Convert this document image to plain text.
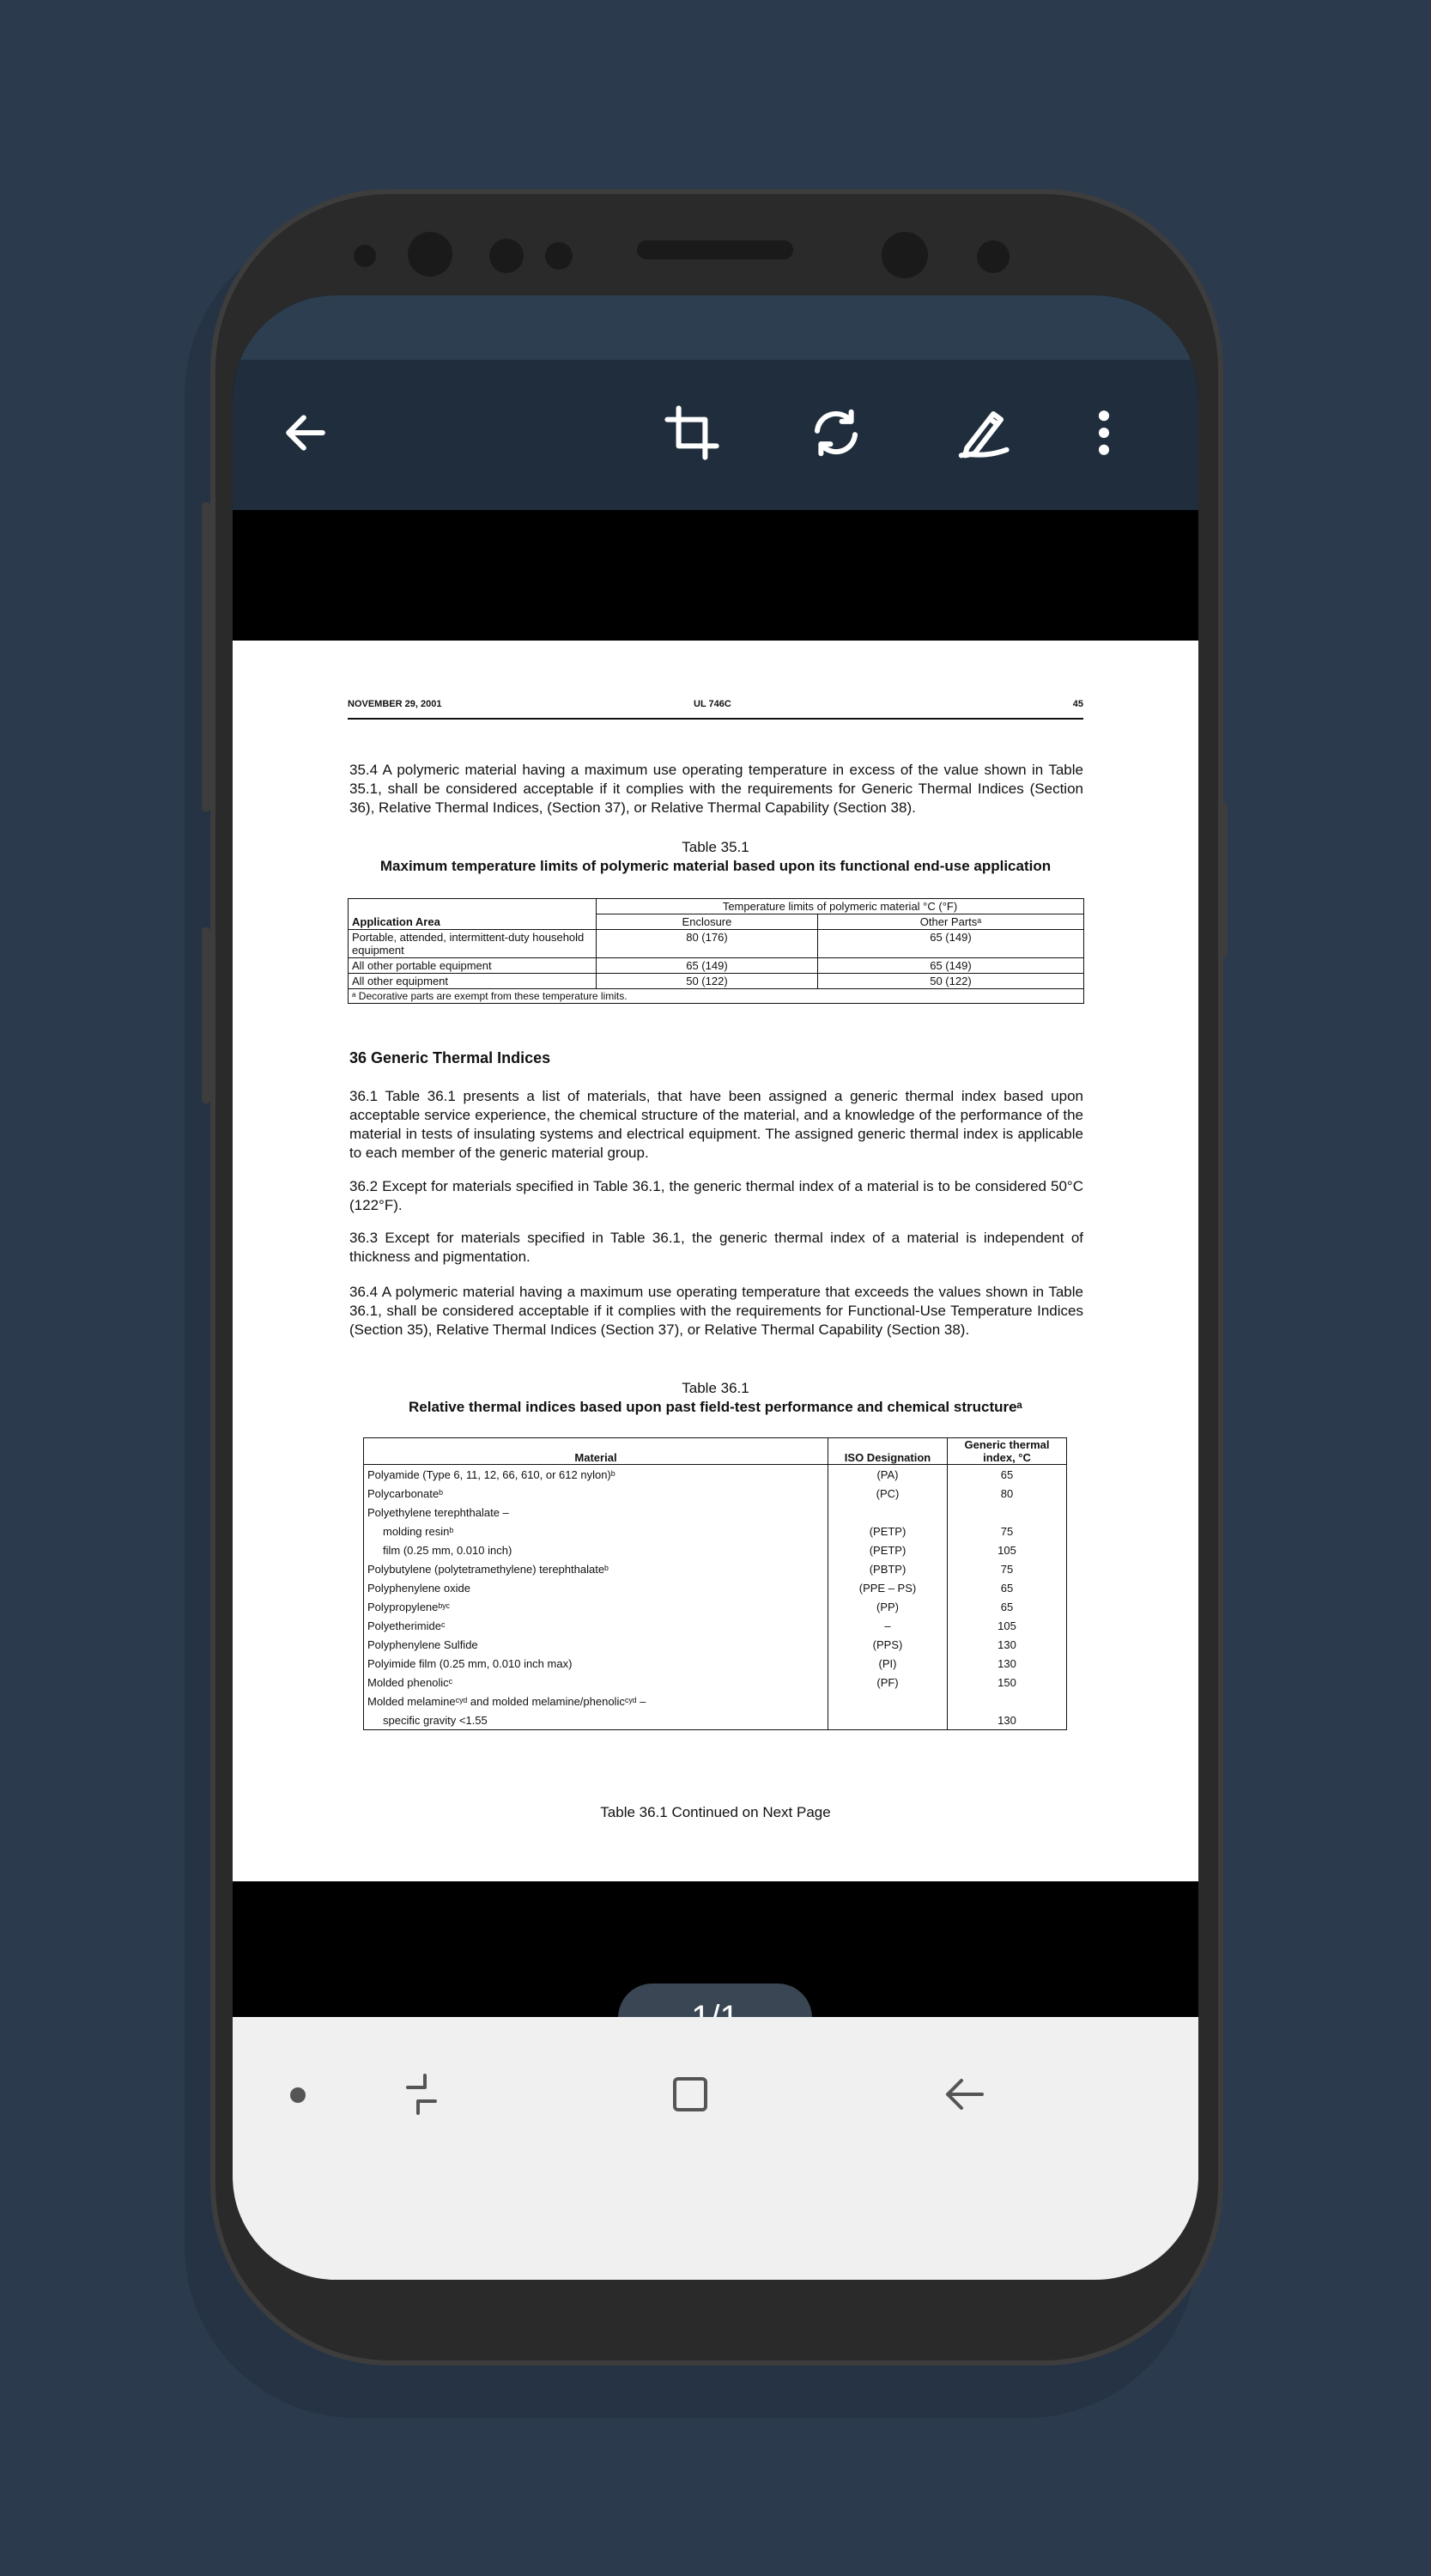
NOVEMBER 29, 2001	UL 746C	45
35.4 A polymeric material having a maximum use operating temperature in excess of the value shown in Table 35.1, shall be considered acceptable if it complies with the requirements for Generic Thermal Indices (Section 36), Relative Thermal Indices, (Section 37), or Relative Thermal Capability (Section 38).
Table 35.1
Maximum temperature limits of polymeric material based upon its functional end-use application
Application Area	Temperature limits of polymeric material °C (°F)	
	Enclosure	Other Partsᵃ
Portable, attended, intermittent-duty household equipment	80 (176)	65 (149)
All other portable equipment	65 (149)	65 (149)
All other equipment	50 (122)	50 (122)
ᵃ Decorative parts are exempt from these temperature limits.		
36 Generic Thermal Indices
36.1 Table 36.1 presents a list of materials, that have been assigned a generic thermal index based upon acceptable service experience, the chemical structure of the material, and a knowledge of the performance of the material in tests of insulating systems and electrical equipment. The assigned generic thermal index is applicable to each member of the generic material group.
36.2 Except for materials specified in Table 36.1, the generic thermal index of a material is to be considered 50°C (122°F).
36.3 Except for materials specified in Table 36.1, the generic thermal index of a material is independent of thickness and pigmentation.
36.4 A polymeric material having a maximum use operating temperature that exceeds the values shown in Table 36.1, shall be considered acceptable if it complies with the requirements for Functional-Use Temperature Indices (Section 35), Relative Thermal Indices (Section 37), or Relative Thermal Capability (Section 38).
Table 36.1
Relative thermal indices based upon past field-test performance and chemical structureᵃ
Material	ISO Designation	Generic thermal index, °C
Polyamide (Type 6, 11, 12, 66, 610, or 612 nylon)ᵇ	(PA)	65
Polycarbonateᵇ	(PC)	80
Polyethylene terephthalate –		
molding resinᵇ	(PETP)	75
film (0.25 mm, 0.010 inch)	(PETP)	105
Polybutylene (polytetramethylene) terephthalateᵇ	(PBTP)	75
Polyphenylene oxide	(PPE – PS)	65
Polypropyleneᵇʸᶜ	(PP)	65
Polyetherimideᶜ	–	105
Polyphenylene Sulfide	(PPS)	130
Polyimide film (0.25 mm, 0.010 inch max)	(PI)	130
Molded phenolicᶜ	(PF)	150
Molded melamineᶜʸᵈ and molded melamine/phenolicᶜʸᵈ –		
specific gravity <1.55		130
Table 36.1 Continued on Next Page
